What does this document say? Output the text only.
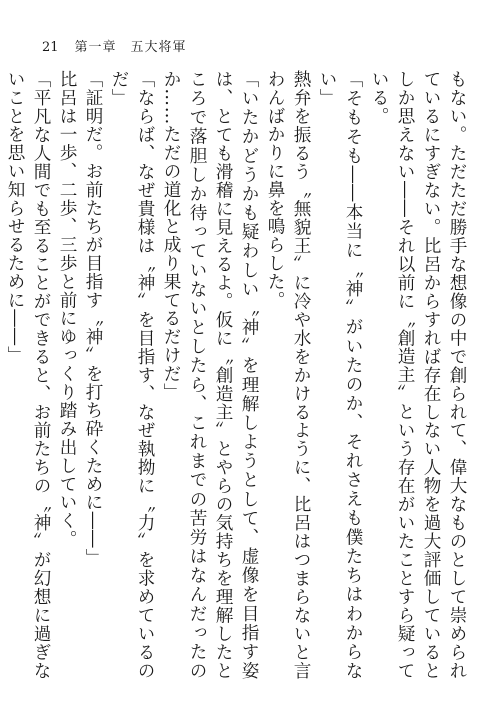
21 第一章　五大将軍

もない。ただただ勝手な想像の中で創られて、偉大なものとして崇められているにすぎない。比呂からすれば存在しない人物を過大評価しているとしか思えない――それ以前に〝創造主〟という存在がいたことすら疑っている。

「そもそも――本当に〝神〟がいたのか、それさえも僕たちはわからない」

熱弁を振るう〝無貌王〟に冷や水をかけるように、比呂はつまらないと言わんばかりに鼻を鳴らした。

「いたかどうかも疑わしい〝神〟を理解しようとして、虚像を目指す姿は、とても滑稽に見えるよ。仮に〝創造主〟とやらの気持ちを理解したところで落胆しか待っていないとしたら、これまでの苦労はなんだったのか……ただの道化と成り果てるだけだ」

「ならば、なぜ貴様は〝神〟を目指す、なぜ執拗に〝力〟を求めているのだ」

「証明だ。お前たちが目指す〝神〟を打ち砕くために――」

比呂は一歩、二歩、三歩と前にゆっくり踏み出していく。

「平凡な人間でも至ることができると、お前たちの〝神〟が幻想に過ぎないことを思い知らせるために――」
